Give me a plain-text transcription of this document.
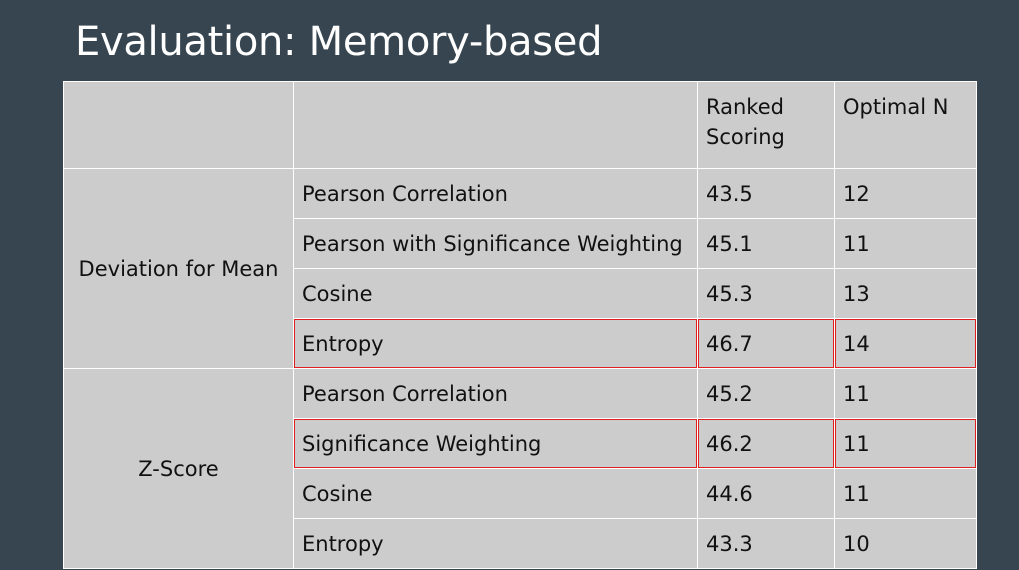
Evaluation: Memory-based
		Ranked Scoring	Optimal N
Deviation for Mean	Pearson Correlation	43.5	12
	Pearson with Significance Weighting	45.1	11
	Cosine	45.3	13
	Entropy	46.7	14
Z-Score	Pearson Correlation	45.2	11
	Significance Weighting	46.2	11
	Cosine	44.6	11
	Entropy	43.3	10
